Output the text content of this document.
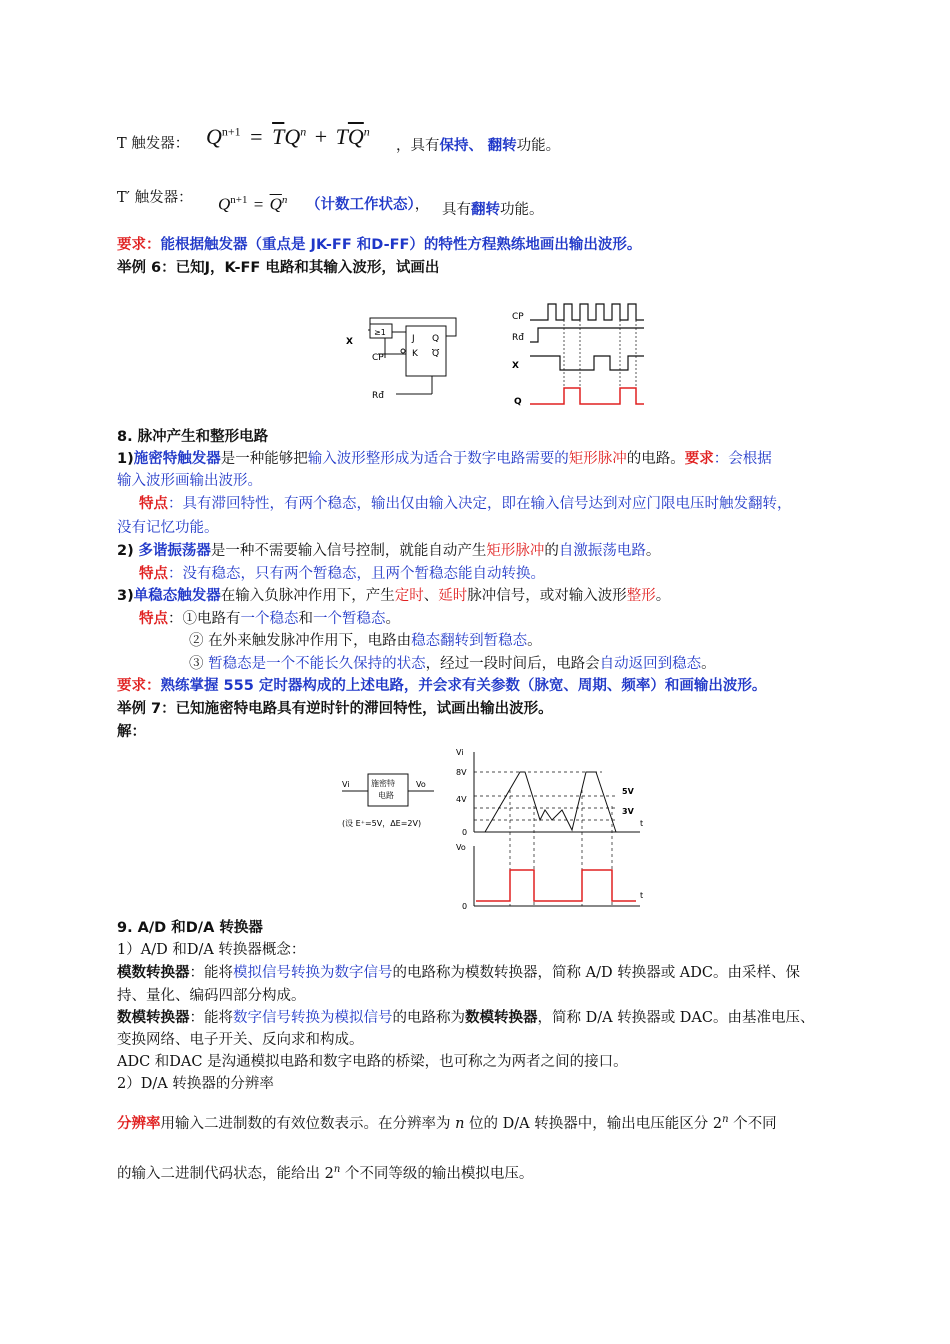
T 触发器： $Q^{n+1} = \overline{T}Q^n + T\overline{Q}^n$
，具有保持、 翻转功能。
T′ 触发器： $Q^{n+1} = \overline{Q}^n$ （计数工作状态）， 具有翻转功能。
要求：能根据触发器（重点是 JK-FF 和D-FF）的特性方程熟练地画出输出波形。
举例 6：已知J，K-FF 电路和其输入波形，试画出
X
CP
Rđ
≥1
J
K
Q
Q
CP
Rđ
X
Q
8. 脉冲产生和整形电路
1)施密特触发器是一种能够把输入波形整形成为适合于数字电路需要的矩形脉冲的电路。要求：会根据
输入波形画输出波形。
特点：具有滞回特性，有两个稳态，输出仅由输入决定，即在输入信号达到对应门限电压时触发翻转，
没有记忆功能。
2) 多谐振荡器是一种不需要输入信号控制，就能自动产生矩形脉冲的自激振荡电路。
特点：没有稳态，只有两个暂稳态，且两个暂稳态能自动转换。
3)单稳态触发器在输入负脉冲作用下，产生定时、延时脉冲信号，或对输入波形整形。
特点：①电路有一个稳态和一个暂稳态。
② 在外来触发脉冲作用下，电路由稳态翻转到暂稳态。
③ 暂稳态是一个不能长久保持的状态，经过一段时间后，电路会自动返回到稳态。
要求：熟练掌握 555 定时器构成的上述电路，并会求有关参数（脉宽、周期、频率）和画输出波形。
举例 7：已知施密特电路具有逆时针的滞回特性，试画出输出波形。
解：
Vi	Vo
施密特
电路
(设 E⁺=5V，ΔE=2V)
Vi
8V
4V
0
5V
3V
t
Vo
0
t
9. A/D 和D/A 转换器
1）A/D 和D/A 转换器概念：
模数转换器：能将模拟信号转换为数字信号的电路称为模数转换器，简称 A/D 转换器或 ADC。由采样、保
持、量化、编码四部分构成。
数模转换器：能将数字信号转换为模拟信号的电路称为数模转换器，简称 D/A 转换器或 DAC。由基准电压、
变换网络、电子开关、反向求和构成。
ADC 和DAC 是沟通模拟电路和数字电路的桥梁，也可称之为两者之间的接口。
2）D/A 转换器的分辨率
分辨率用输入二进制数的有效位数表示。在分辨率为 n 位的 D/A 转换器中，输出电压能区分 2$^n$ 个不同
的输入二进制代码状态，能给出 2$^n$ 个不同等级的输出模拟电压。
